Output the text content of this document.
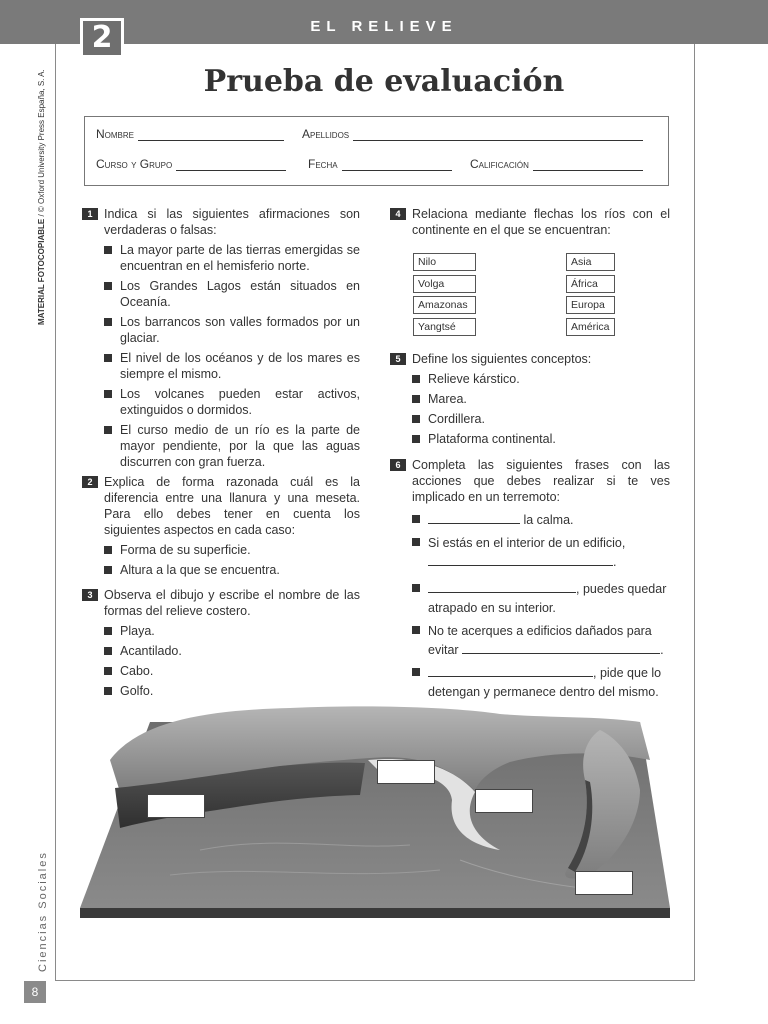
EL RELIEVE
2
MATERIAL FOTOCOPIABLE / © Oxford University Press España, S. A.
Ciencias Sociales
8
Prueba de evaluación
Nombre	Apellidos
Curso y Grupo	Fecha	Calificación
1 Indica si las siguientes afirmaciones son verdaderas o falsas:
La mayor parte de las tierras emergidas se encuentran en el hemisferio norte.
Los Grandes Lagos están situados en Oceanía.
Los barrancos son valles formados por un glaciar.
El nivel de los océanos y de los mares es siempre el mismo.
Los volcanes pueden estar activos, extinguidos o dormidos.
El curso medio de un río es la parte de mayor pendiente, por la que las aguas discurren con gran fuerza.
2 Explica de forma razonada cuál es la diferencia entre una llanura y una meseta. Para ello debes tener en cuenta los siguientes aspectos en cada caso:
Forma de su superficie.
Altura a la que se encuentra.
3 Observa el dibujo y escribe el nombre de las formas del relieve costero.
Playa.
Acantilado.
Cabo.
Golfo.
4 Relaciona mediante flechas los ríos con el continente en el que se encuentran:
Nilo
Volga
Amazonas
Yangtsé
Asia
África
Europa
América
5 Define los siguientes conceptos:
Relieve kárstico.
Marea.
Cordillera.
Plataforma continental.
6 Completa las siguientes frases con las acciones que debes realizar si te ves implicado en un terremoto:
la calma.
Si estás en el interior de un edificio,
.
, puedes quedar
atrapado en su interior.
No te acerques a edificios dañados para
evitar	.
, pide que lo
detengan y permanece dentro del mismo.
